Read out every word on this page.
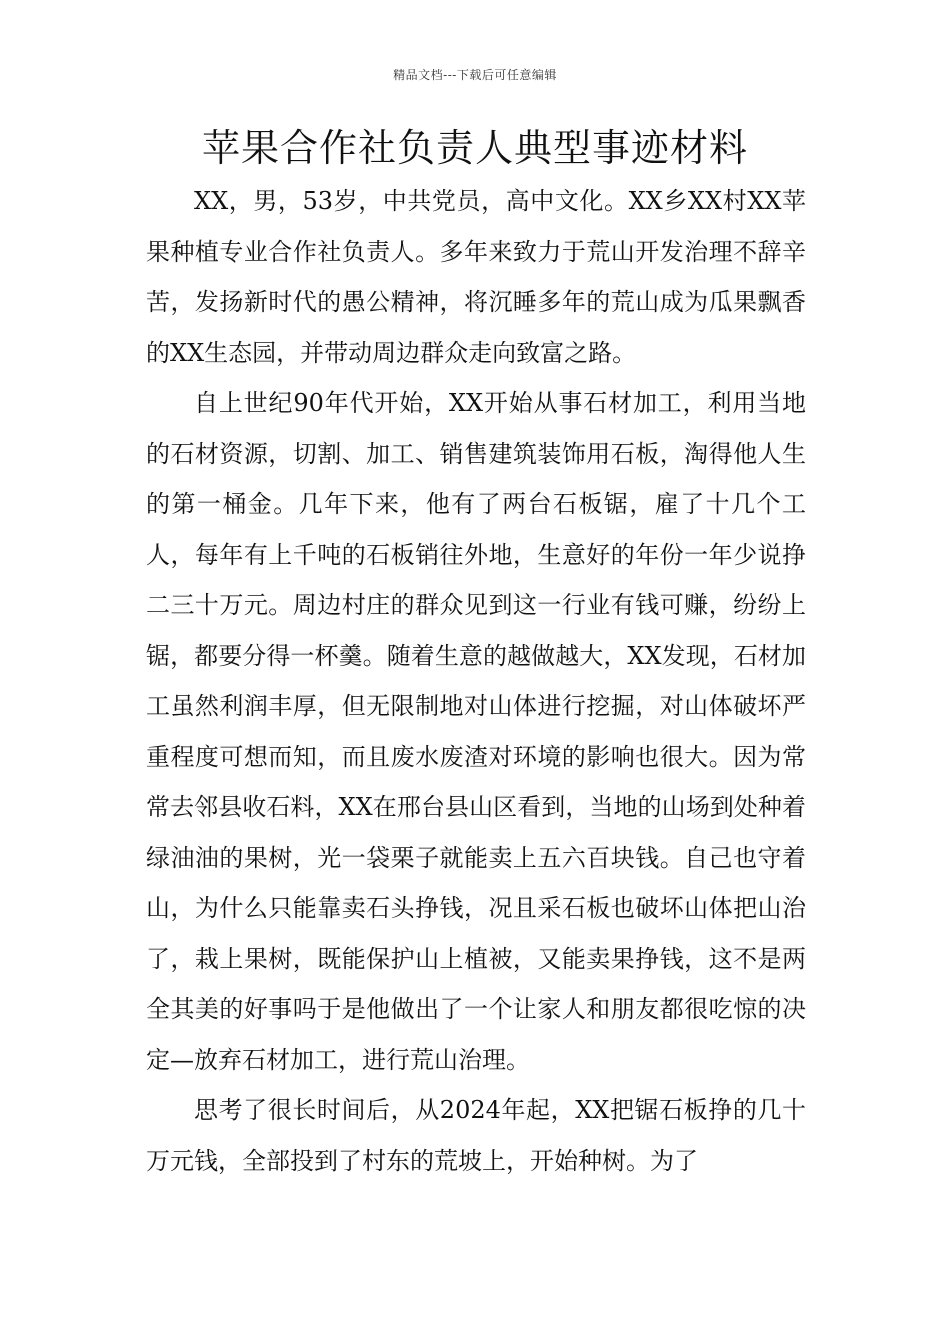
精品文档---下载后可任意编辑
苹果合作社负责人典型事迹材料

XX，男，53岁，中共党员，高中文化。XX乡XX村XX苹果种植专业合作社负责人。多年来致力于荒山开发治理不辞辛苦，发扬新时代的愚公精神，将沉睡多年的荒山成为瓜果飘香的XX生态园，并带动周边群众走向致富之路。

自上世纪90年代开始，XX开始从事石材加工，利用当地的石材资源，切割、加工、销售建筑装饰用石板，淘得他人生的第一桶金。几年下来，他有了两台石板锯，雇了十几个工人，每年有上千吨的石板销往外地，生意好的年份一年少说挣二三十万元。周边村庄的群众见到这一行业有钱可赚，纷纷上锯，都要分得一杯羹。随着生意的越做越大，XX发现，石材加工虽然利润丰厚，但无限制地对山体进行挖掘，对山体破坏严重程度可想而知，而且废水废渣对环境的影响也很大。因为常常去邻县收石料，XX在邢台县山区看到，当地的山场到处种着绿油油的果树，光一袋栗子就能卖上五六百块钱。自己也守着山，为什么只能靠卖石头挣钱，况且采石板也破坏山体把山治了，栽上果树，既能保护山上植被，又能卖果挣钱，这不是两全其美的好事吗于是他做出了一个让家人和朋友都很吃惊的决定—放弃石材加工，进行荒山治理。

思考了很长时间后，从2024年起，XX把锯石板挣的几十万元钱，全部投到了村东的荒坡上，开始种树。为了
